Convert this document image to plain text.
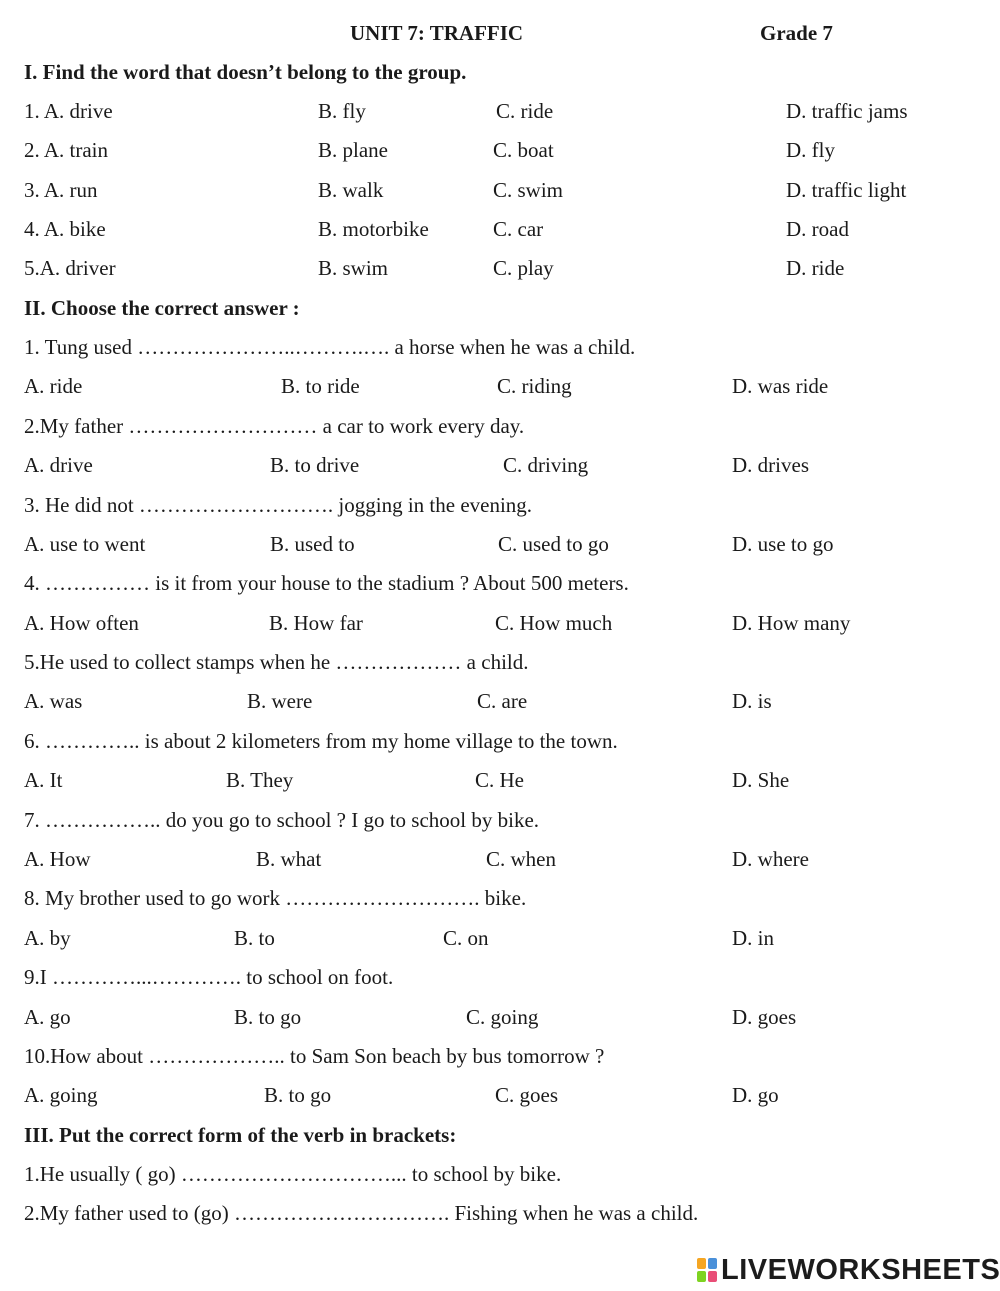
UNIT 7: TRAFFIC	Grade 7
I. Find the word that doesn’t belong to the group.
1. A. drive	B. fly	C. ride	D. traffic jams
2. A. train	B. plane	C. boat	D. fly
3. A. run	B. walk	C. swim	D. traffic light
4. A. bike	B. motorbike	C. car	D. road
5.A. driver	B. swim	C. play	D. ride
II. Choose the correct answer :
1. Tung used …………………..……….…. a horse when he was a child.
A. ride	B. to ride	C. riding	D. was ride
2.My father ……………………… a car to work every day.
A. drive	B. to drive	C. driving	D. drives
3. He did not ………………………. jogging in the evening.
A. use to went	B. used to	C. used to go	D. use to go
4. …………… is it from your house to the stadium ? About 500 meters.
A. How often	B. How far	C. How much	D. How many
5.He used to collect stamps when he ……………… a child.
A. was	B. were	C. are	D. is
6. ………….. is about 2 kilometers from my home village to the town.
A. It	B. They	C. He	D. She
7. …………….. do you go to school ? I go to school by bike.
A. How	B. what	C. when	D. where
8. My brother used to go work ………………………. bike.
A. by	B. to	C. on	D. in
9.I …………...…………. to school on foot.
A. go	B. to go	C. going	D. goes
10.How about ……………….. to Sam Son beach by bus tomorrow ?
A. going	B. to go	C. goes	D. go
III. Put the correct form of the verb in brackets:
1.He usually ( go) …………………………... to school by bike.
2.My father used to (go) …………………………. Fishing when he was a child.
LIVEWORKSHEETS
